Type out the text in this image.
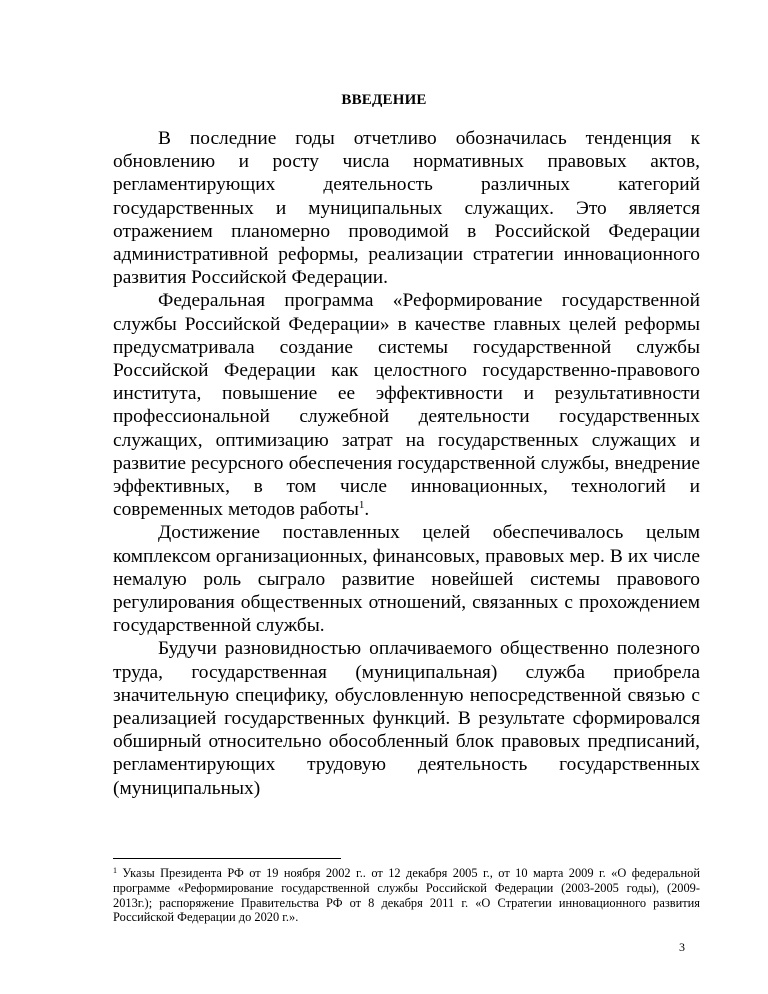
ВВЕДЕНИЕ

В последние годы отчетливо обозначилась тенденция к обновлению и росту числа нормативных правовых актов, регламентирующих деятельность различных категорий государственных и муниципальных служащих. Это является отражением планомерно проводимой в Российской Федерации административной реформы, реализации стратегии инновационного развития Российской Федерации.

Федеральная программа «Реформирование государственной службы Российской Федерации» в качестве главных целей реформы предусматривала создание системы государственной службы Российской Федерации как целостного государственно-правового института, повышение ее эффективности и результативности профессиональной служебной деятельности государственных служащих, оптимизацию затрат на государственных служащих и развитие ресурсного обеспечения государственной службы, внедрение эффективных, в том числе инновационных, технологий и современных методов работы$^1$.

Достижение поставленных целей обеспечивалось целым комплексом организационных, финансовых, правовых мер. В их числе немалую роль сыграло развитие новейшей системы правового регулирования общественных отношений, связанных с прохождением государственной службы.

Будучи разновидностью оплачиваемого общественно полезного труда, государственная (муниципальная) служба приобрела значительную специфику, обусловленную непосредственной связью с реализацией государственных функций. В результате сформировался обширный относительно обособленный блок правовых предписаний, регламентирующих трудовую деятельность государственных (муниципальных)

$^1$ Указы Президента РФ от 19 ноября 2002 г.. от 12 декабря 2005 г., от 10 марта 2009 г. «О федеральной программе «Реформирование государственной службы Российской Федерации (2003-2005 годы), (2009-2013г.); распоряжение Правительства РФ от 8 декабря 2011 г. «О Стратегии инновационного развития Российской Федерации до 2020 г.».
3
